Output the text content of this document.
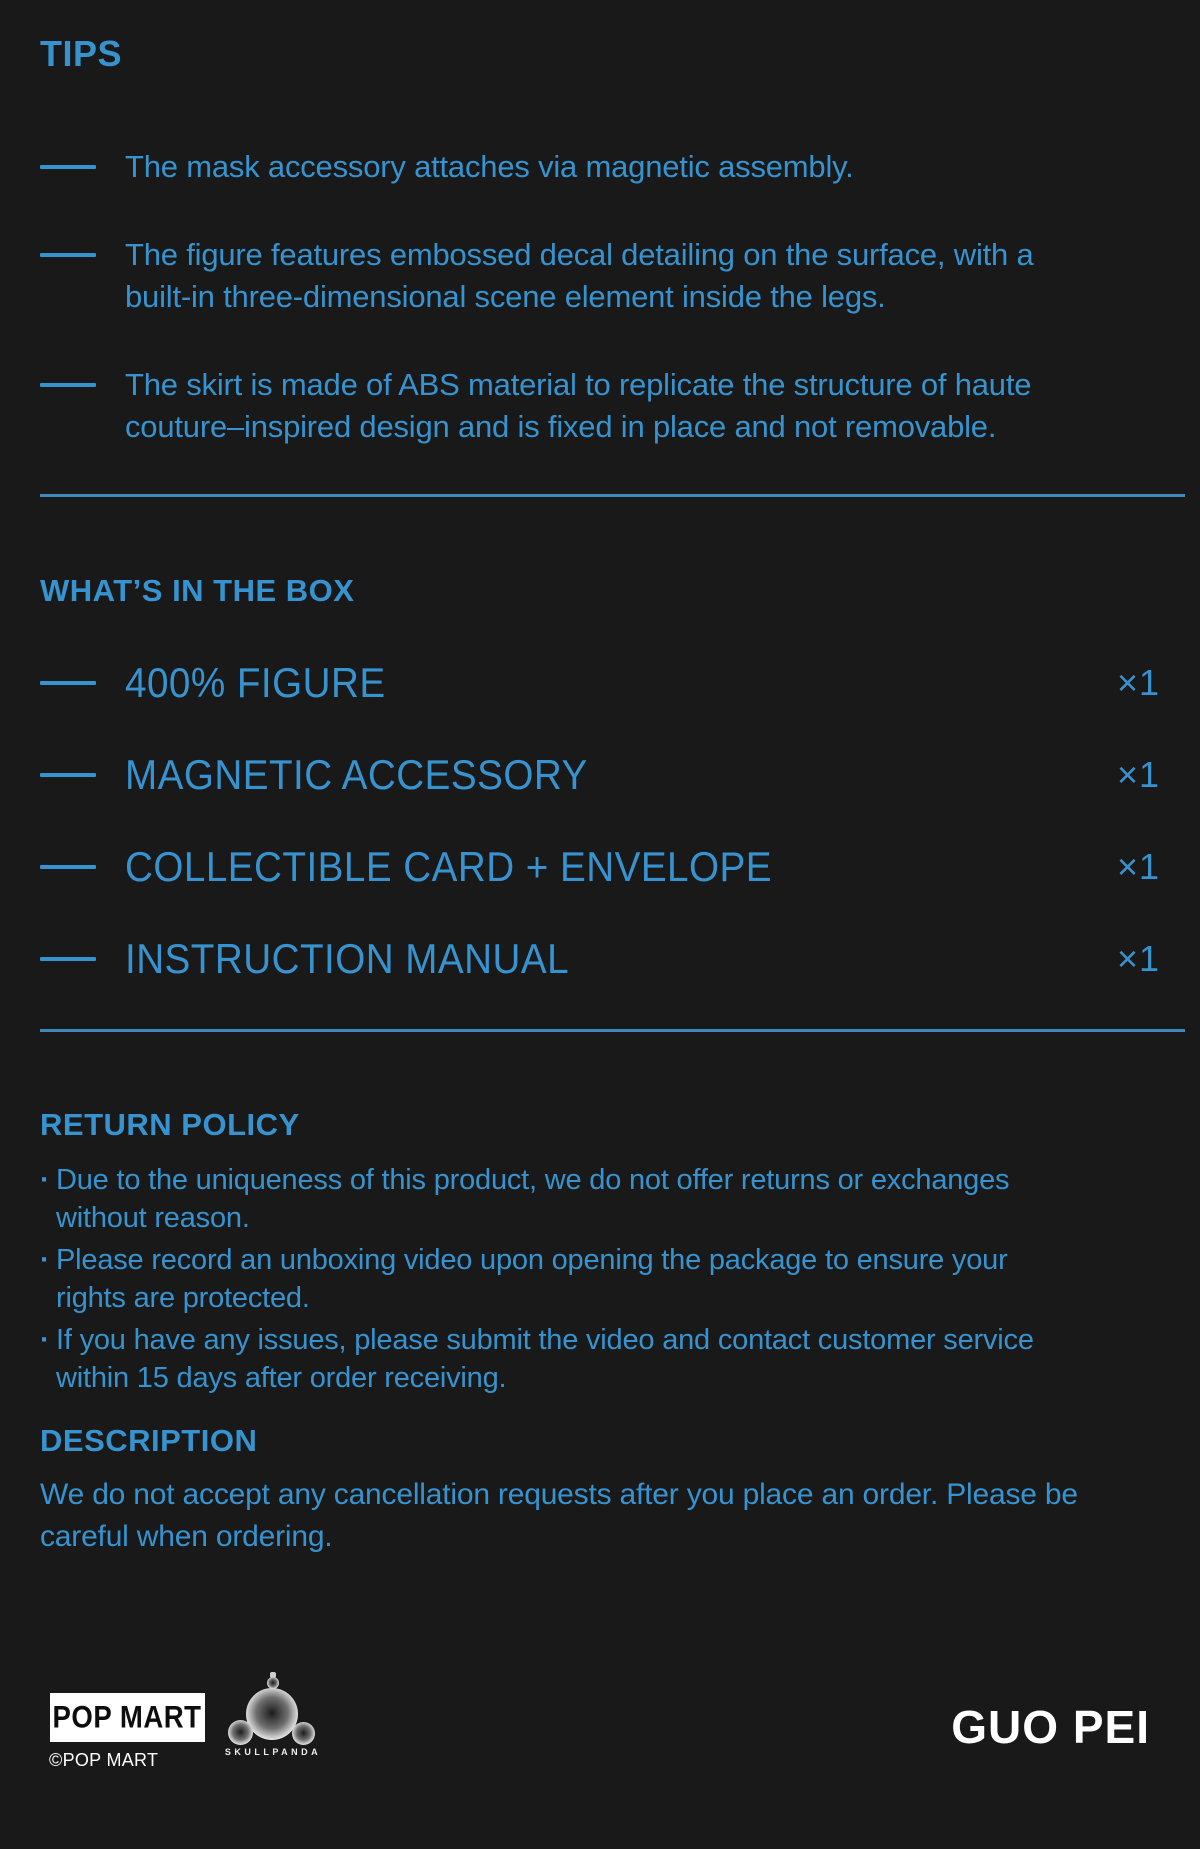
TIPS
The mask accessory attaches via magnetic assembly.
The figure features embossed decal detailing on the surface, with a
built-in three-dimensional scene element inside the legs.
The skirt is made of ABS material to replicate the structure of haute
couture–inspired design and is fixed in place and not removable.
WHAT’S IN THE BOX
400% FIGURE	×1
MAGNETIC ACCESSORY	×1
COLLECTIBLE CARD + ENVELOPE	×1
INSTRUCTION MANUAL	×1
RETURN POLICY
· Due to the uniqueness of this product, we do not offer returns or exchanges
without reason.
· Please record an unboxing video upon opening the package to ensure your
rights are protected.
· If you have any issues, please submit the video and contact customer service
within 15 days after order receiving.
DESCRIPTION
We do not accept any cancellation requests after you place an order. Please be
careful when ordering.
POP MART
©POP MART	SKULLPANDA	GUO PEI
